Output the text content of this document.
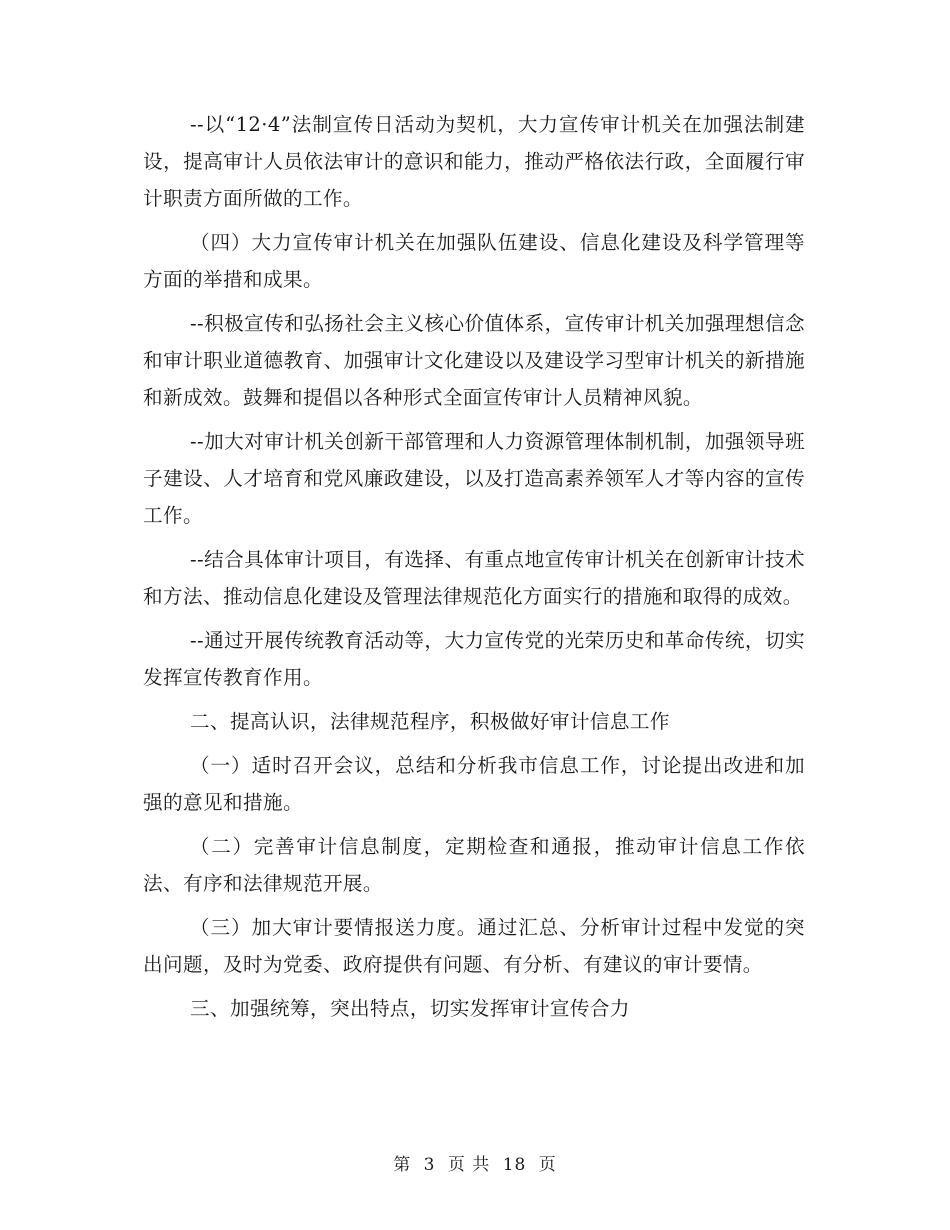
--以“12·4”法制宣传日活动为契机，大力宣传审计机关在加强法制建设，提高审计人员依法审计的意识和能力，推动严格依法行政，全面履行审计职责方面所做的工作。

（四）大力宣传审计机关在加强队伍建设、信息化建设及科学管理等方面的举措和成果。

--积极宣传和弘扬社会主义核心价值体系，宣传审计机关加强理想信念和审计职业道德教育、加强审计文化建设以及建设学习型审计机关的新措施和新成效。鼓舞和提倡以各种形式全面宣传审计人员精神风貌。

--加大对审计机关创新干部管理和人力资源管理体制机制，加强领导班子建设、人才培育和党风廉政建设，以及打造高素养领军人才等内容的宣传工作。

--结合具体审计项目，有选择、有重点地宣传审计机关在创新审计技术和方法、推动信息化建设及管理法律规范化方面实行的措施和取得的成效。

--通过开展传统教育活动等，大力宣传党的光荣历史和革命传统，切实发挥宣传教育作用。

二、提高认识，法律规范程序，积极做好审计信息工作

（一）适时召开会议，总结和分析我市信息工作，讨论提出改进和加强的意见和措施。

（二）完善审计信息制度，定期检查和通报，推动审计信息工作依法、有序和法律规范开展。

（三）加大审计要情报送力度。通过汇总、分析审计过程中发觉的突出问题，及时为党委、政府提供有问题、有分析、有建议的审计要情。

三、加强统筹，突出特点，切实发挥审计宣传合力

第 3 页 共 18 页
